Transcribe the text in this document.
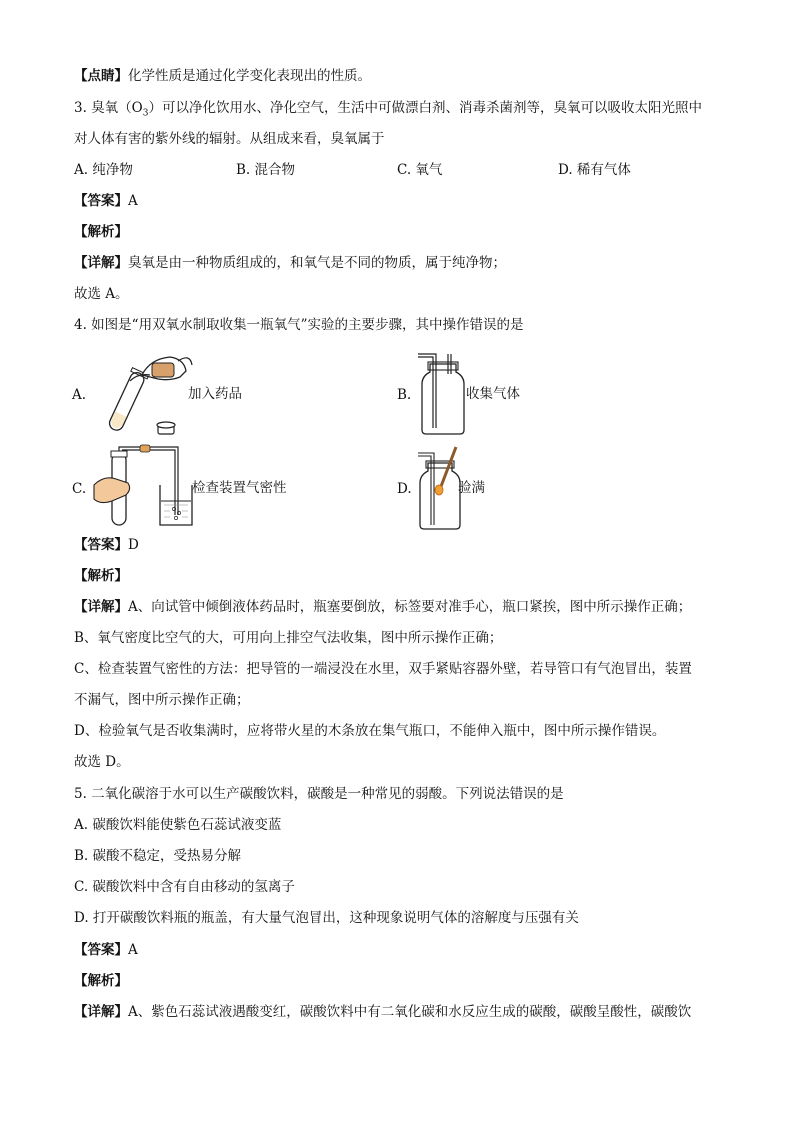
【点睛】化学性质是通过化学变化表现出的性质。
3. 臭氧$(O_3)$可以净化饮用水、净化空气，生活中可做漂白剂、消毒杀菌剂等，臭氧可以吸收太阳光照中
对人体有害的紫外线的辐射。从组成来看，臭氧属于
A. 纯净物	B. 混合物	C. 氧气	D. 稀有气体
【答案】A
【解析】
【详解】臭氧是由一种物质组成的，和氧气是不同的物质，属于纯净物；
故选 A。
4. 如图是“用双氧水制取收集一瓶氧气”实验的主要步骤，其中操作错误的是
A.	加入药品	B.	收集气体
C.	检查装置气密性	D.	验满
【答案】D
【解析】
【详解】A、向试管中倾倒液体药品时，瓶塞要倒放，标签要对准手心，瓶口紧挨，图中所示操作正确；
B、氧气密度比空气的大，可用向上排空气法收集，图中所示操作正确；
C、检查装置气密性的方法：把导管的一端浸没在水里，双手紧贴容器外壁，若导管口有气泡冒出，装置
不漏气，图中所示操作正确；
D、检验氧气是否收集满时，应将带火星的木条放在集气瓶口，不能伸入瓶中，图中所示操作错误。
故选 D。
5. 二氧化碳溶于水可以生产碳酸饮料，碳酸是一种常见的弱酸。下列说法错误的是
A. 碳酸饮料能使紫色石蕊试液变蓝
B. 碳酸不稳定，受热易分解
C. 碳酸饮料中含有自由移动的氢离子
D. 打开碳酸饮料瓶的瓶盖，有大量气泡冒出，这种现象说明气体的溶解度与压强有关
【答案】A
【解析】
【详解】A、紫色石蕊试液遇酸变红，碳酸饮料中有二氧化碳和水反应生成的碳酸，碳酸呈酸性，碳酸饮
